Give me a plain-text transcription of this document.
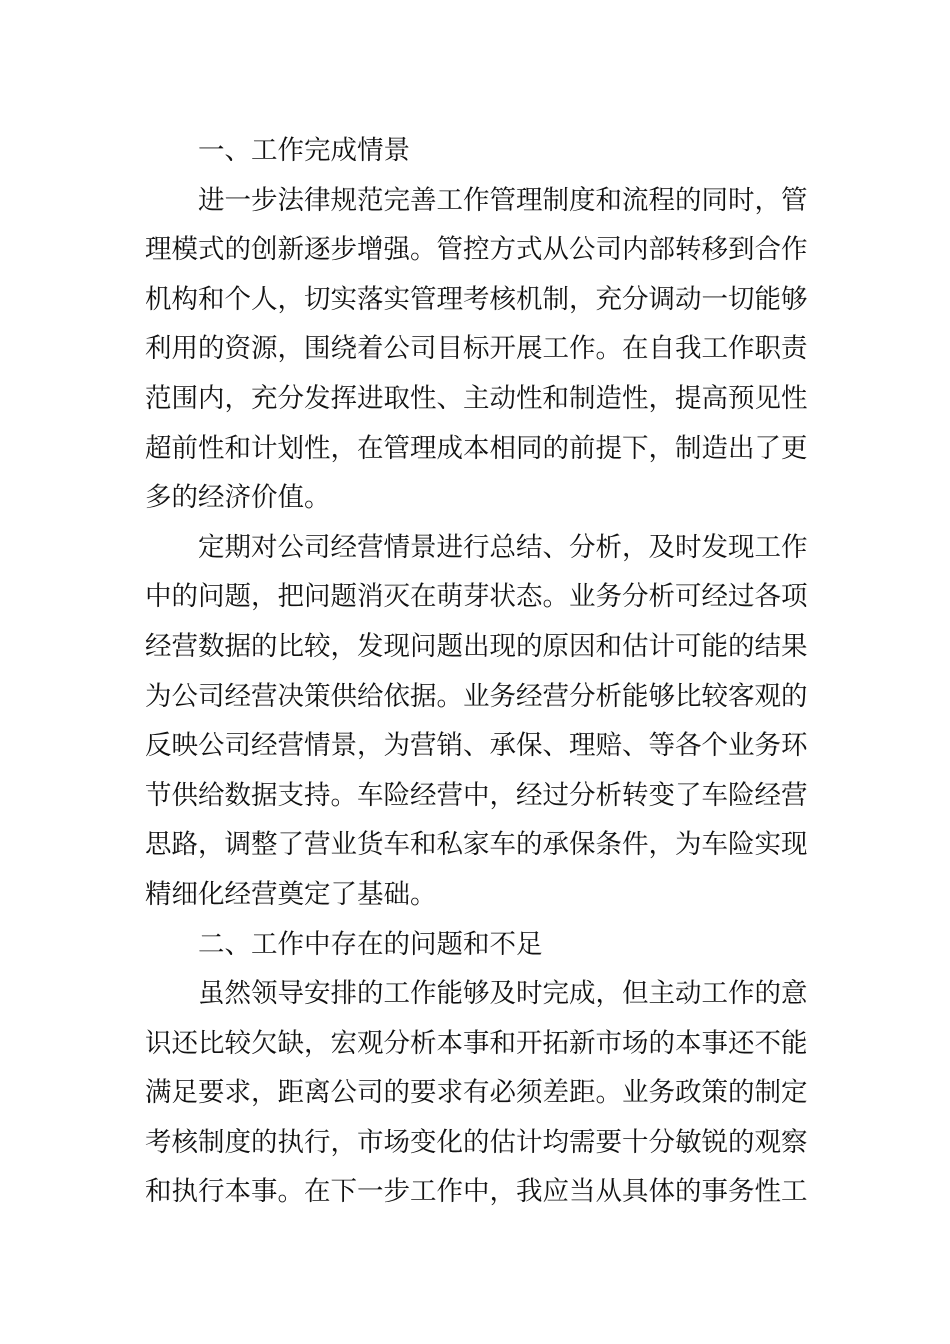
一、工作完成情景
进一步法律规范完善工作管理制度和流程的同时，管
理模式的创新逐步增强。管控方式从公司内部转移到合作
机构和个人，切实落实管理考核机制，充分调动一切能够
利用的资源，围绕着公司目标开展工作。在自我工作职责
范围内，充分发挥进取性、主动性和制造性，提高预见性
超前性和计划性，在管理成本相同的前提下，制造出了更
多的经济价值。
定期对公司经营情景进行总结、分析，及时发现工作
中的问题，把问题消灭在萌芽状态。业务分析可经过各项
经营数据的比较，发现问题出现的原因和估计可能的结果
为公司经营决策供给依据。业务经营分析能够比较客观的
反映公司经营情景，为营销、承保、理赔、等各个业务环
节供给数据支持。车险经营中，经过分析转变了车险经营
思路，调整了营业货车和私家车的承保条件，为车险实现
精细化经营奠定了基础。
二、工作中存在的问题和不足
虽然领导安排的工作能够及时完成，但主动工作的意
识还比较欠缺，宏观分析本事和开拓新市场的本事还不能
满足要求，距离公司的要求有必须差距。业务政策的制定
考核制度的执行，市场变化的估计均需要十分敏锐的观察
和执行本事。在下一步工作中，我应当从具体的事务性工
